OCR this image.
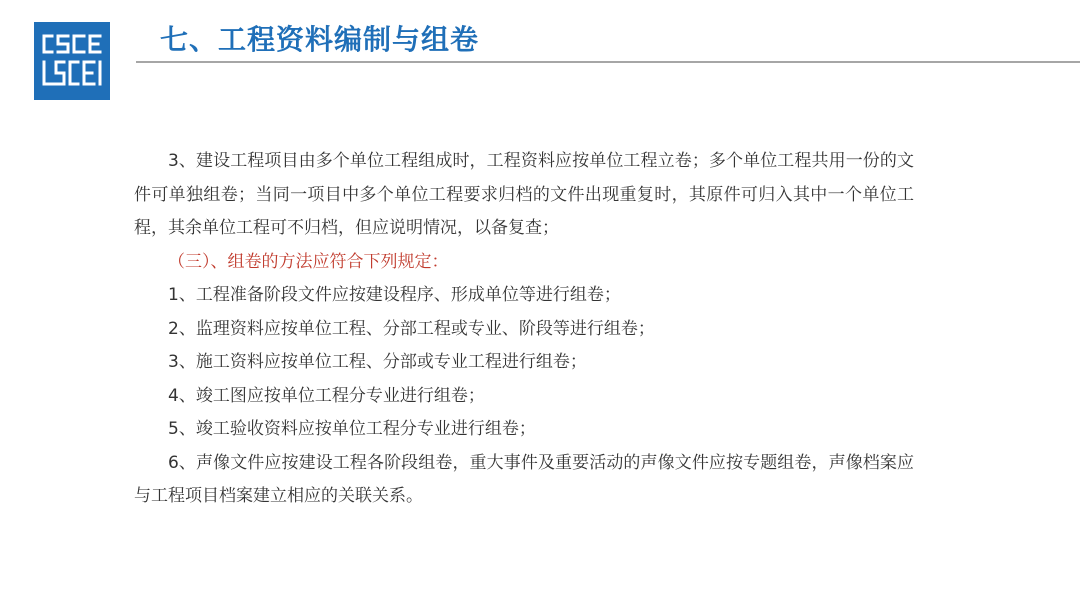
七、工程资料编制与组卷

3、建设工程项目由多个单位工程组成时，工程资料应按单位工程立卷；多个单位工程共用一份的文件可单独组卷；当同一项目中多个单位工程要求归档的文件出现重复时，其原件可归入其中一个单位工程，其余单位工程可不归档，但应说明情况，以备复查；

（三）、组卷的方法应符合下列规定：

1、工程准备阶段文件应按建设程序、形成单位等进行组卷；

2、监理资料应按单位工程、分部工程或专业、阶段等进行组卷；

3、施工资料应按单位工程、分部或专业工程进行组卷；

4、竣工图应按单位工程分专业进行组卷；

5、竣工验收资料应按单位工程分专业进行组卷；

6、声像文件应按建设工程各阶段组卷，重大事件及重要活动的声像文件应按专题组卷，声像档案应与工程项目档案建立相应的关联关系。
